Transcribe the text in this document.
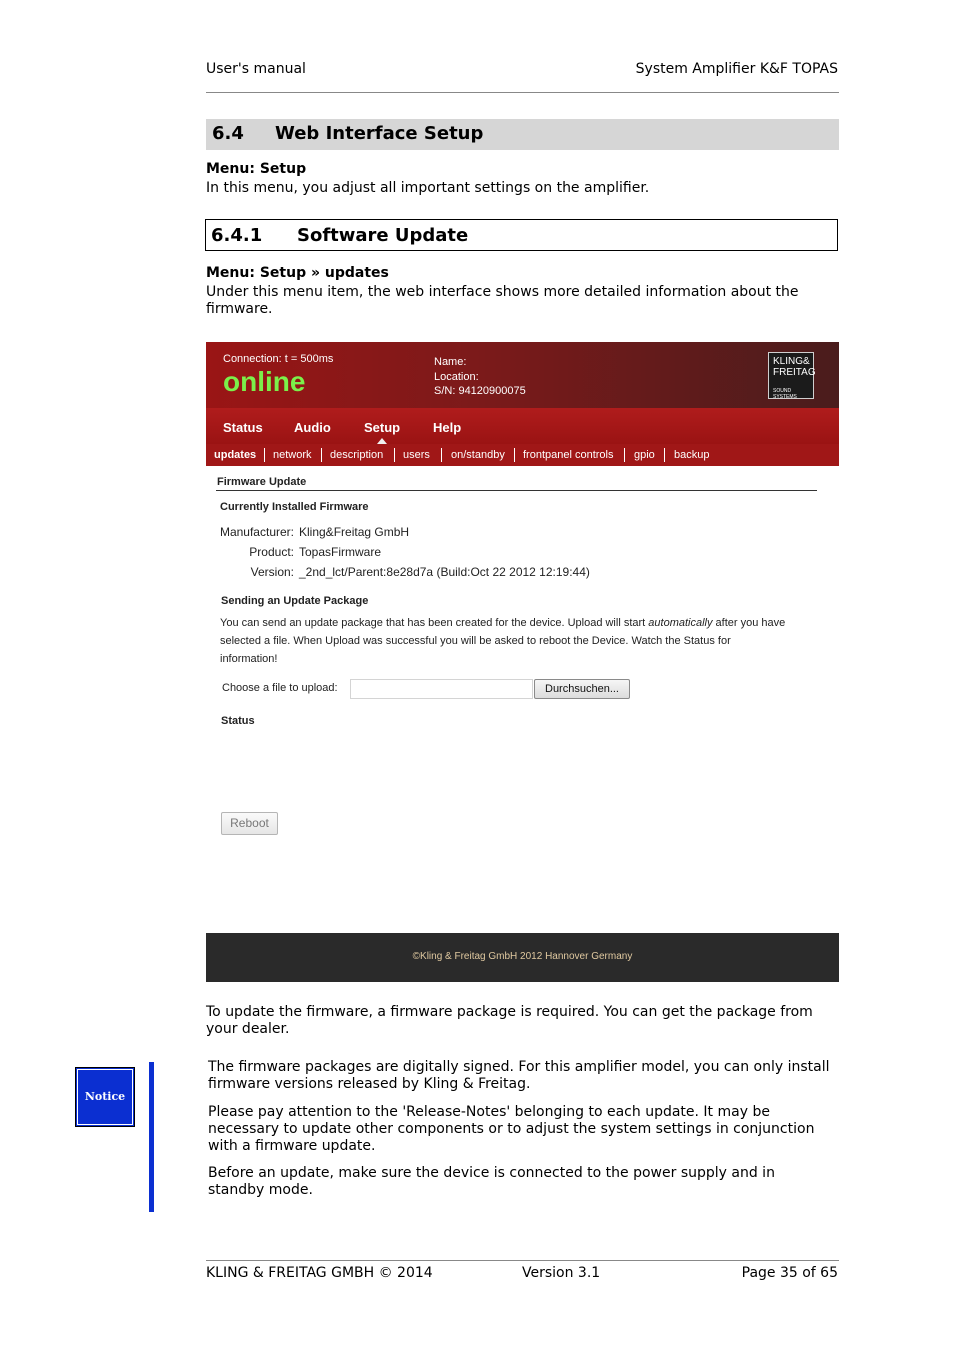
User's manual	System Amplifier K&F TOPAS
6.4 Web Interface Setup
Menu: Setup
In this menu, you adjust all important settings on the amplifier.
6.4.1 Software Update
Menu: Setup » updates
Under this menu item, the web interface shows more detailed information about the firmware.
Connection: t = 500ms
online
Name:
Location:
S/N: 94120900075
KLING&
FREITAG
SOUND SYSTEMS
Status Audio	Setup	Help
updates network description users on/standby frontpanel controls gpio backup
Firmware Update
Currently Installed Firmware
Manufacturer: Kling&Freitag GmbH
Product: TopasFirmware
Version: _2nd_lct/Parent:8e28d7a (Build:Oct 22 2012 12:19:44)
Sending an Update Package
You can send an update package that has been created for the device. Upload will start automatically after you have
selected a file. When Upload was successful you will be asked to reboot the Device. Watch the Status for
information!
Choose a file to upload:	Durchsuchen...
Status
Reboot
©Kling & Freitag GmbH 2012 Hannover Germany
To update the firmware, a firmware package is required. You can get the package from your dealer.
Notice
The firmware packages are digitally signed. For this amplifier model, you can only install firmware versions released by Kling & Freitag.
Please pay attention to the 'Release-Notes' belonging to each update. It may be necessary to update other components or to adjust the system settings in conjunction with a firmware update.
Before an update, make sure the device is connected to the power supply and in standby mode.
KLING & FREITAG GMBH © 2014	Version 3.1	Page 35 of 65
